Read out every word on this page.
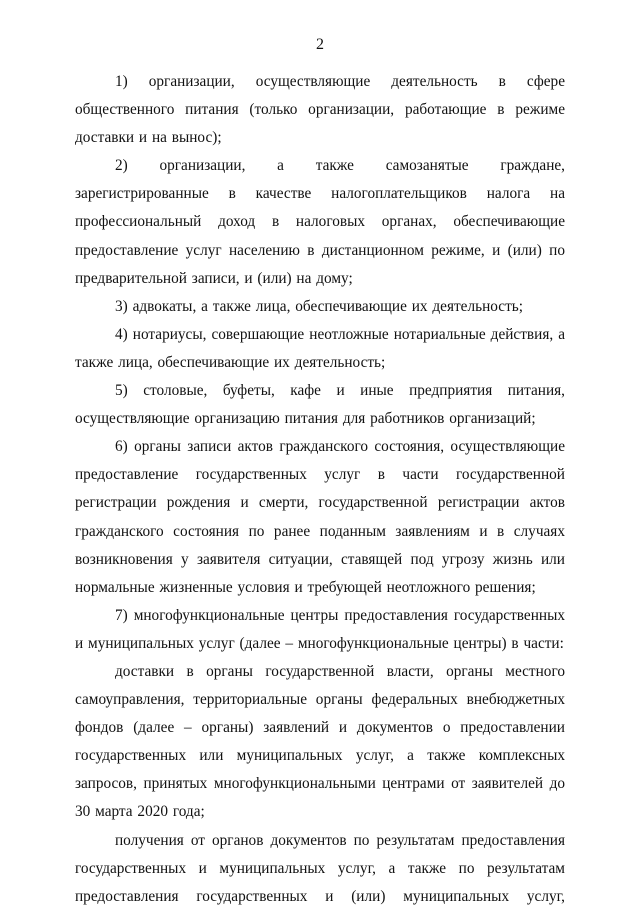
2

1)   организации,   осуществляющие   деятельность   в   сфере общественного питания (только организации, работающие в режиме доставки и на вынос);

2) организации, а также самозанятые граждане, зарегистрированные в качестве налогоплательщиков налога на профессиональный доход в налоговых органах, обеспечивающие предоставление услуг населению в дистанционном режиме, и (или) по предварительной записи, и (или) на дому;

3) адвокаты, а также лица, обеспечивающие их деятельность;

4) нотариусы, совершающие неотложные нотариальные действия, а также лица, обеспечивающие их деятельность;

5)   столовые,   буфеты,   кафе   и   иные   предприятия   питания, осуществляющие организацию питания для работников организаций;

6) органы записи актов гражданского состояния, осуществляющие предоставление государственных услуг в части государственной регистрации рождения и смерти, государственной регистрации актов гражданского состояния по ранее поданным заявлениям и в случаях возникновения у заявителя ситуации, ставящей под угрозу жизнь или нормальные жизненные условия и требующей неотложного решения;

7) многофункциональные центры предоставления государственных и муниципальных услуг (далее – многофункциональные центры) в части:

доставки в органы государственной власти, органы местного самоуправления, территориальные органы федеральных внебюджетных фондов (далее – органы) заявлений и документов о предоставлении государственных или муниципальных услуг, а также комплексных запросов, принятых многофункциональными центрами от заявителей до 30 марта 2020 года;

получения от органов документов по результатам предоставления государственных и муниципальных услуг, а также по результатам предоставления государственных и (или) муниципальных услуг,
